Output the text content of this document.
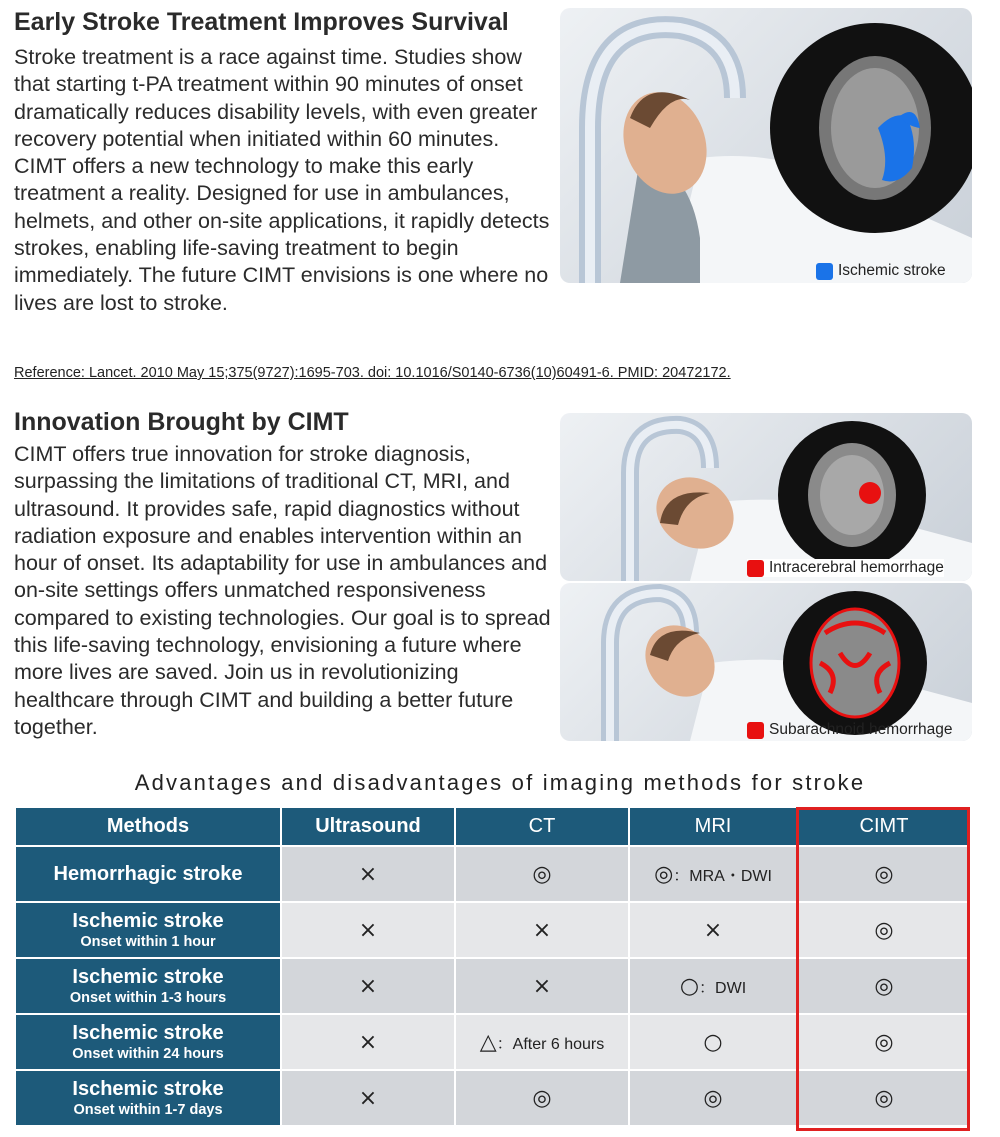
Early Stroke Treatment Improves Survival

Stroke treatment is a race against time. Studies show that starting t-PA treatment within 90 minutes of onset dramatically reduces disability levels, with even greater recovery potential when initiated within 60 minutes. CIMT offers a new technology to make this early treatment a reality. Designed for use in ambulances, helmets, and other on-site applications, it rapidly detects strokes, enabling life-saving treatment to begin immediately. The future CIMT envisions is one where no lives are lost to stroke.

Ischemic stroke
Reference: Lancet. 2010 May 15;375(9727):1695-703. doi: 10.1016/S0140-6736(10)60491-6. PMID: 20472172.
Innovation Brought by CIMT

CIMT offers true innovation for stroke diagnosis, surpassing the limitations of traditional CT, MRI, and ultrasound. It provides safe, rapid diagnostics without radiation exposure and enables intervention within an hour of onset. Its adaptability for use in ambulances and on-site settings offers unmatched responsiveness compared to existing technologies. Our goal is to spread this life-saving technology, envisioning a future where more lives are saved. Join us in revolutionizing healthcare through CIMT and building a better future together.

Intracerebral hemorrhage
Subarachnoid hemorrhage
Advantages and disadvantages of imaging methods for stroke
Methods	Ultrasound	CT	MRI	CIMT

Hemorrhagic stroke	×	◎	◎：MRA・DWI	◎

Ischemic stroke
Onset within 1 hour	×	×	×	◎

Ischemic stroke
Onset within 1-3 hours	×	×	○：DWI	◎

Ischemic stroke
Onset within 24 hours	×	△：After 6 hours	○	◎

Ischemic stroke
Onset within 1-7 days	×	◎	◎	◎
